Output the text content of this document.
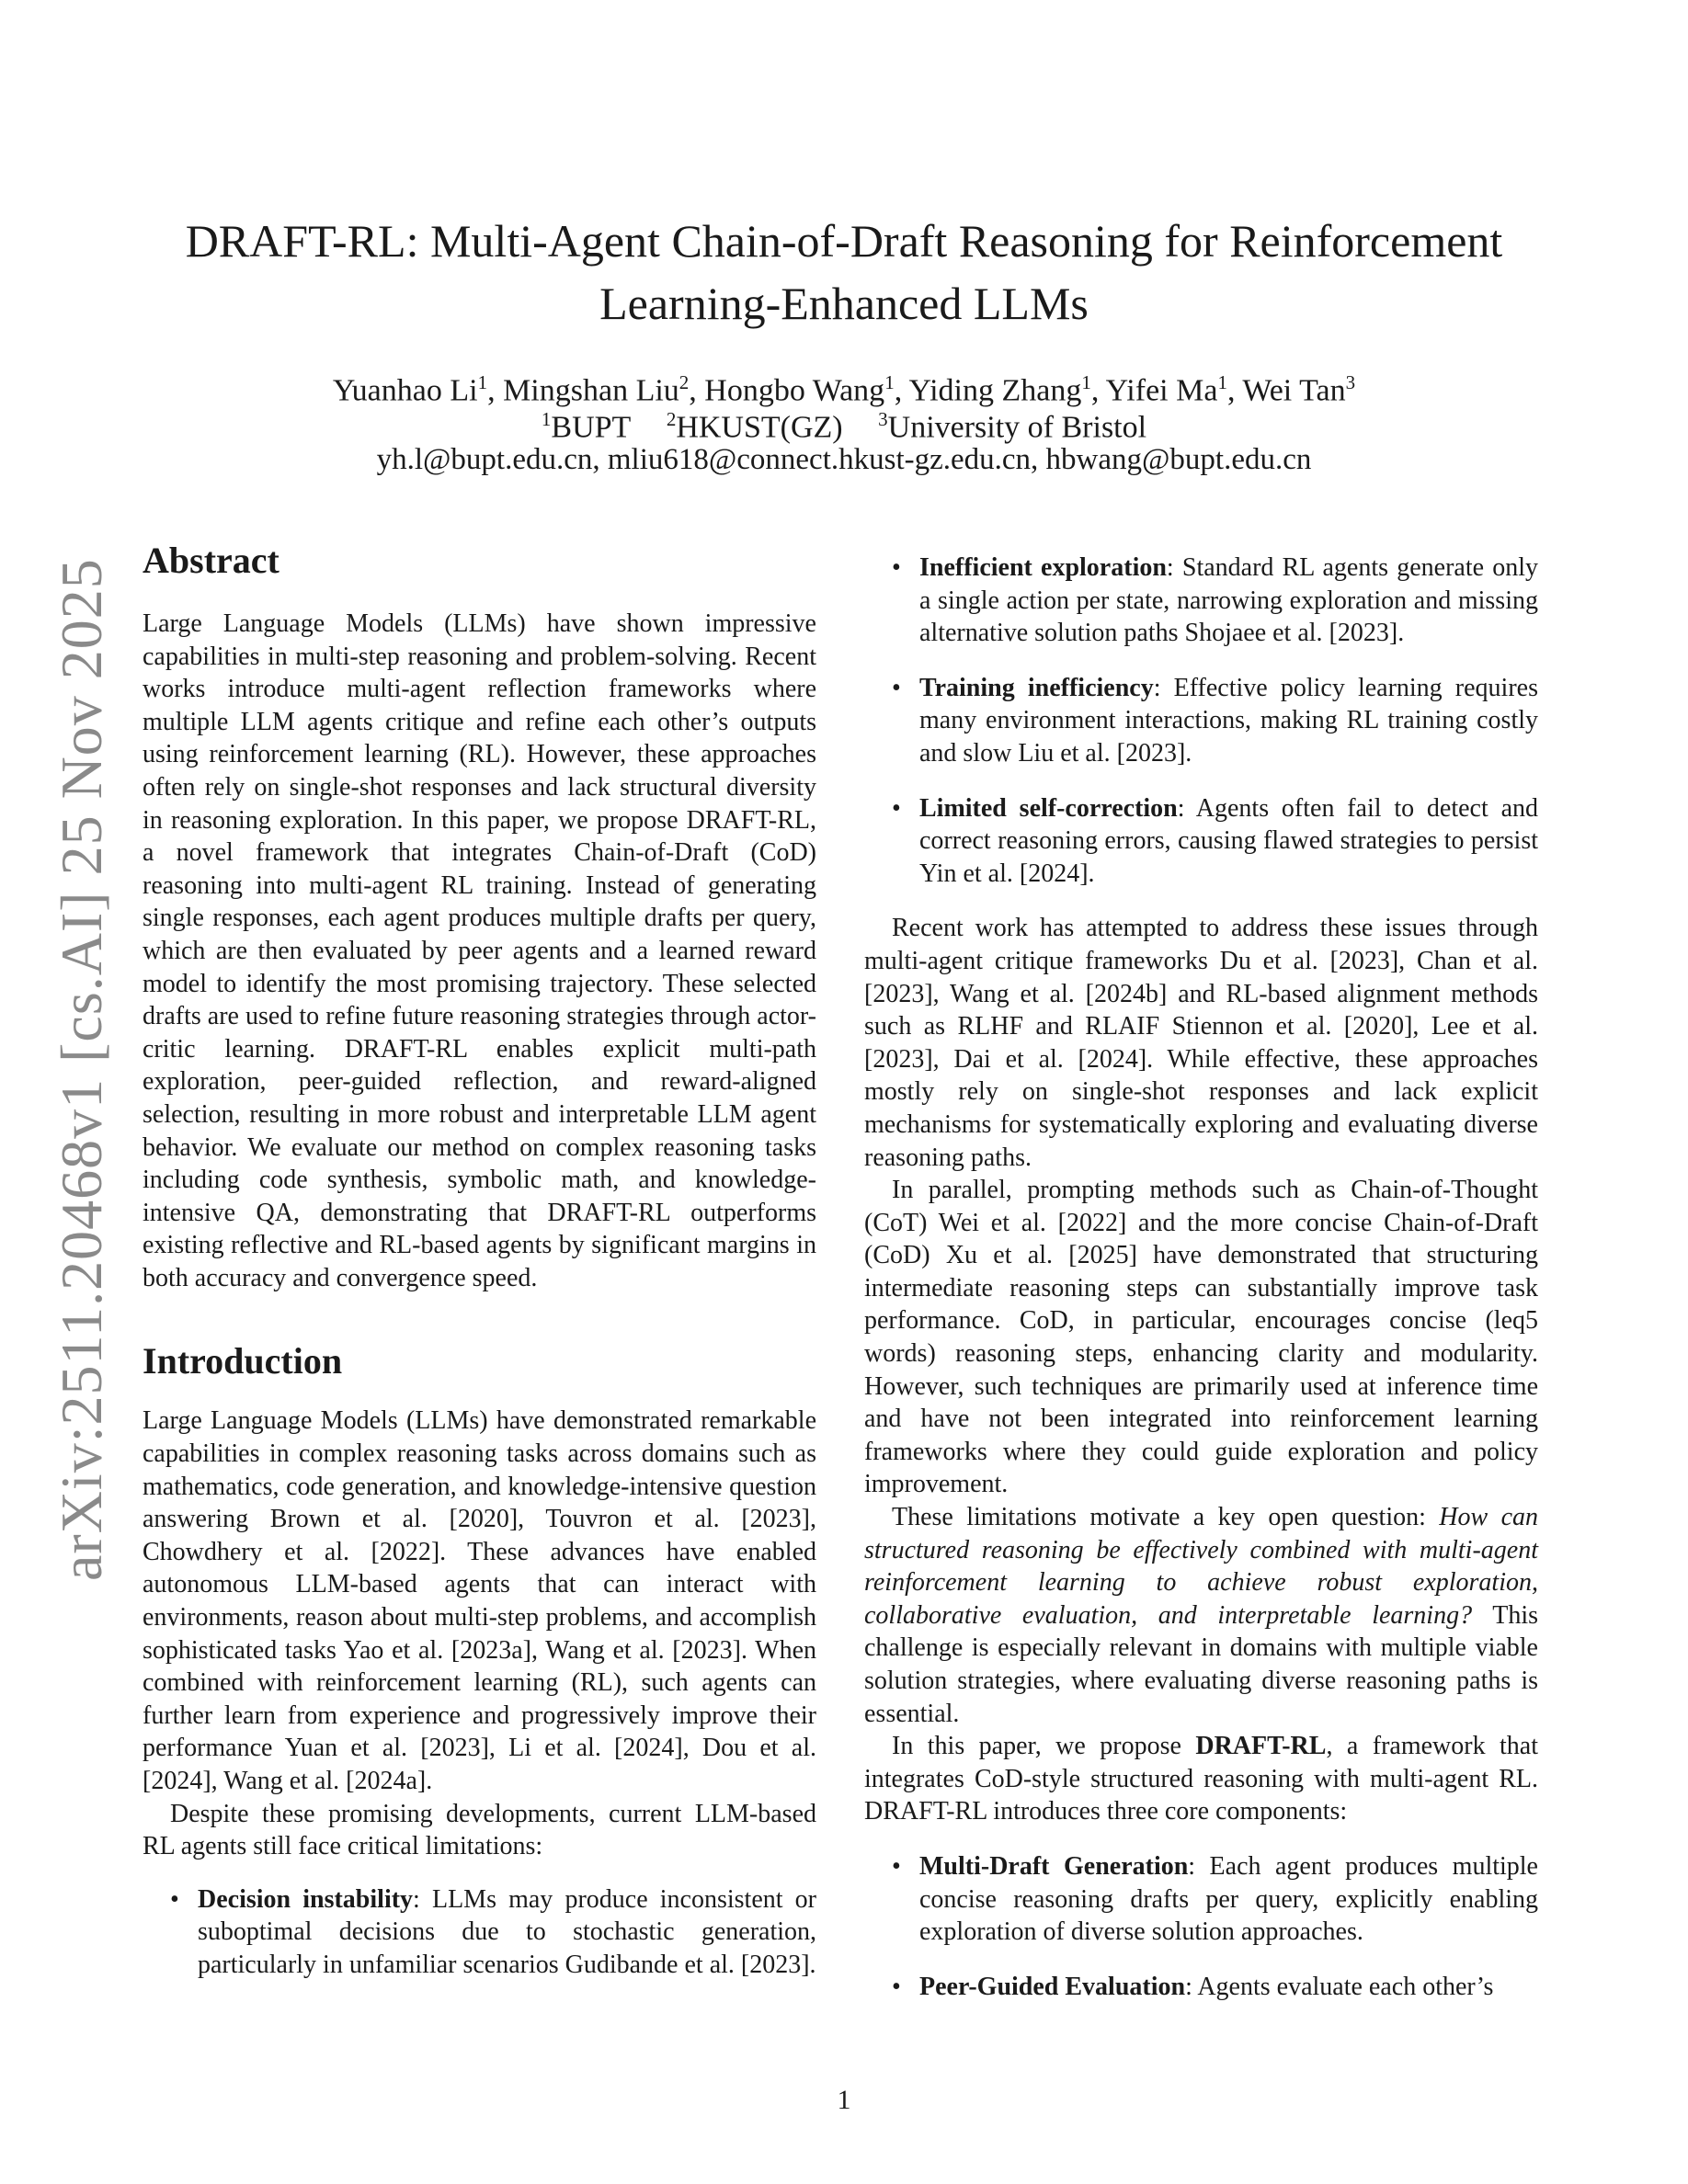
DRAFT-RL: Multi-Agent Chain-of-Draft Reasoning for Reinforcement
Learning-Enhanced LLMs
Yuanhao Li$^1$, Mingshan Liu$^2$, Hongbo Wang$^1$, Yiding Zhang$^1$, Yifei Ma$^1$, Wei Tan$^3$
$^1$BUPT $^2$HKUST(GZ) $^3$University of Bristol
yh.l@bupt.edu.cn, mliu618@connect.hkust-gz.edu.cn, hbwang@bupt.edu.cn
arXiv:2511.20468v1 [cs.AI] 25 Nov 2025 Abstract

Large Language Models (LLMs) have shown impressive capabilities in multi-step reasoning and problem-solving. Recent works introduce multi-agent reflection frameworks where multiple LLM agents critique and refine each other’s outputs using reinforcement learning (RL). However, these approaches often rely on single-shot responses and lack structural diversity in reasoning exploration. In this paper, we propose DRAFT-RL, a novel framework that integrates Chain-of-Draft (CoD) reasoning into multi-agent RL training. Instead of generating single responses, each agent produces multiple drafts per query, which are then evaluated by peer agents and a learned reward model to identify the most promising trajectory. These selected drafts are used to refine future reasoning strategies through actor-critic learning. DRAFT-RL enables explicit multi-path exploration, peer-guided reflection, and reward-aligned selection, resulting in more robust and interpretable LLM agent behavior. We evaluate our method on complex reasoning tasks including code synthesis, symbolic math, and knowledge-intensive QA, demonstrating that DRAFT-RL outperforms existing reflective and RL-based agents by significant margins in both accuracy and convergence speed.

Introduction

Large Language Models (LLMs) have demonstrated remarkable capabilities in complex reasoning tasks across domains such as mathematics, code generation, and knowledge-intensive question answering Brown et al. [2020], Touvron et al. [2023], Chowdhery et al. [2022]. These advances have enabled autonomous LLM-based agents that can interact with environments, reason about multi-step problems, and accomplish sophisticated tasks Yao et al. [2023a], Wang et al. [2023]. When combined with reinforcement learning (RL), such agents can further learn from experience and progressively improve their performance Yuan et al. [2023], Li et al. [2024], Dou et al. [2024], Wang et al. [2024a].

Despite these promising developments, current LLM-based RL agents still face critical limitations:

• Decision instability: LLMs may produce inconsistent or suboptimal decisions due to stochastic generation, particularly in unfamiliar scenarios Gudibande et al. [2023].
• Inefficient exploration: Standard RL agents generate only a single action per state, narrowing exploration and missing alternative solution paths Shojaee et al. [2023].
• Training inefficiency: Effective policy learning requires many environment interactions, making RL training costly and slow Liu et al. [2023].
• Limited self-correction: Agents often fail to detect and correct reasoning errors, causing flawed strategies to persist Yin et al. [2024].

Recent work has attempted to address these issues through multi-agent critique frameworks Du et al. [2023], Chan et al. [2023], Wang et al. [2024b] and RL-based alignment methods such as RLHF and RLAIF Stiennon et al. [2020], Lee et al. [2023], Dai et al. [2024]. While effective, these approaches mostly rely on single-shot responses and lack explicit mechanisms for systematically exploring and evaluating diverse reasoning paths.

In parallel, prompting methods such as Chain-of-Thought (CoT) Wei et al. [2022] and the more concise Chain-of-Draft (CoD) Xu et al. [2025] have demonstrated that structuring intermediate reasoning steps can substantially improve task performance. CoD, in particular, encourages concise (leq5 words) reasoning steps, enhancing clarity and modularity. However, such techniques are primarily used at inference time and have not been integrated into reinforcement learning frameworks where they could guide exploration and policy improvement.

These limitations motivate a key open question: How can structured reasoning be effectively combined with multi-agent reinforcement learning to achieve robust exploration, collaborative evaluation, and interpretable learning? This challenge is especially relevant in domains with multiple viable solution strategies, where evaluating diverse reasoning paths is essential.

In this paper, we propose DRAFT-RL, a framework that integrates CoD-style structured reasoning with multi-agent RL. DRAFT-RL introduces three core components:

• Multi-Draft Generation: Each agent produces multiple concise reasoning drafts per query, explicitly enabling exploration of diverse solution approaches.
• Peer-Guided Evaluation: Agents evaluate each other’s
1
